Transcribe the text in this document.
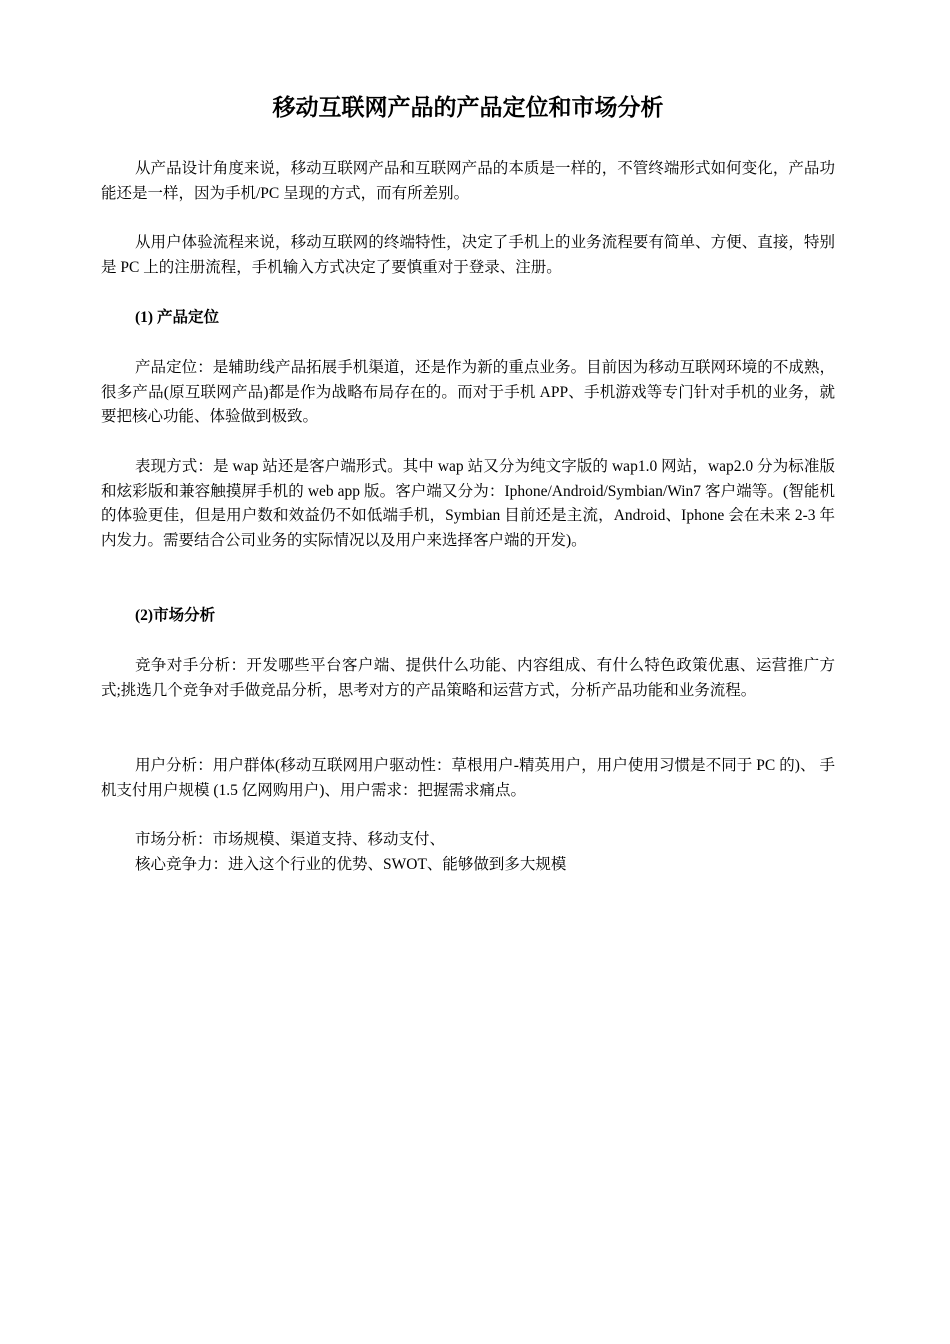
移动互联网产品的产品定位和市场分析

从产品设计角度来说，移动互联网产品和互联网产品的本质是一样的，不管终端形式如何变化，产品功能还是一样，因为手机/PC 呈现的方式，而有所差别。

从用户体验流程来说，移动互联网的终端特性，决定了手机上的业务流程要有简单、方便、直接，特别是 PC 上的注册流程，手机输入方式决定了要慎重对于登录、注册。

(1) 产品定位

产品定位：是辅助线产品拓展手机渠道，还是作为新的重点业务。目前因为移动互联网环境的不成熟，很多产品(原互联网产品)都是作为战略布局存在的。而对于手机 APP、手机游戏等专门针对手机的业务，就要把核心功能、体验做到极致。

表现方式：是 wap 站还是客户端形式。其中 wap 站又分为纯文字版的 wap1.0 网站，wap2.0 分为标准版和炫彩版和兼容触摸屏手机的 web app 版。客户端又分为：Iphone/Android/Symbian/Win7 客户端等。(智能机的体验更佳，但是用户数和效益仍不如低端手机，Symbian 目前还是主流，Android、Iphone 会在未来 2-3 年内发力。需要结合公司业务的实际情况以及用户来选择客户端的开发)。

(2)市场分析

竞争对手分析：开发哪些平台客户端、提供什么功能、内容组成、有什么特色政策优惠、运营推广方式;挑选几个竞争对手做竞品分析，思考对方的产品策略和运营方式，分析产品功能和业务流程。

用户分析：用户群体(移动互联网用户驱动性：草根用户-精英用户，用户使用习惯是不同于 PC 的)、 手机支付用户规模 (1.5 亿网购用户)、用户需求：把握需求痛点。

市场分析：市场规模、渠道支持、移动支付、

核心竞争力：进入这个行业的优势、SWOT、能够做到多大规模
